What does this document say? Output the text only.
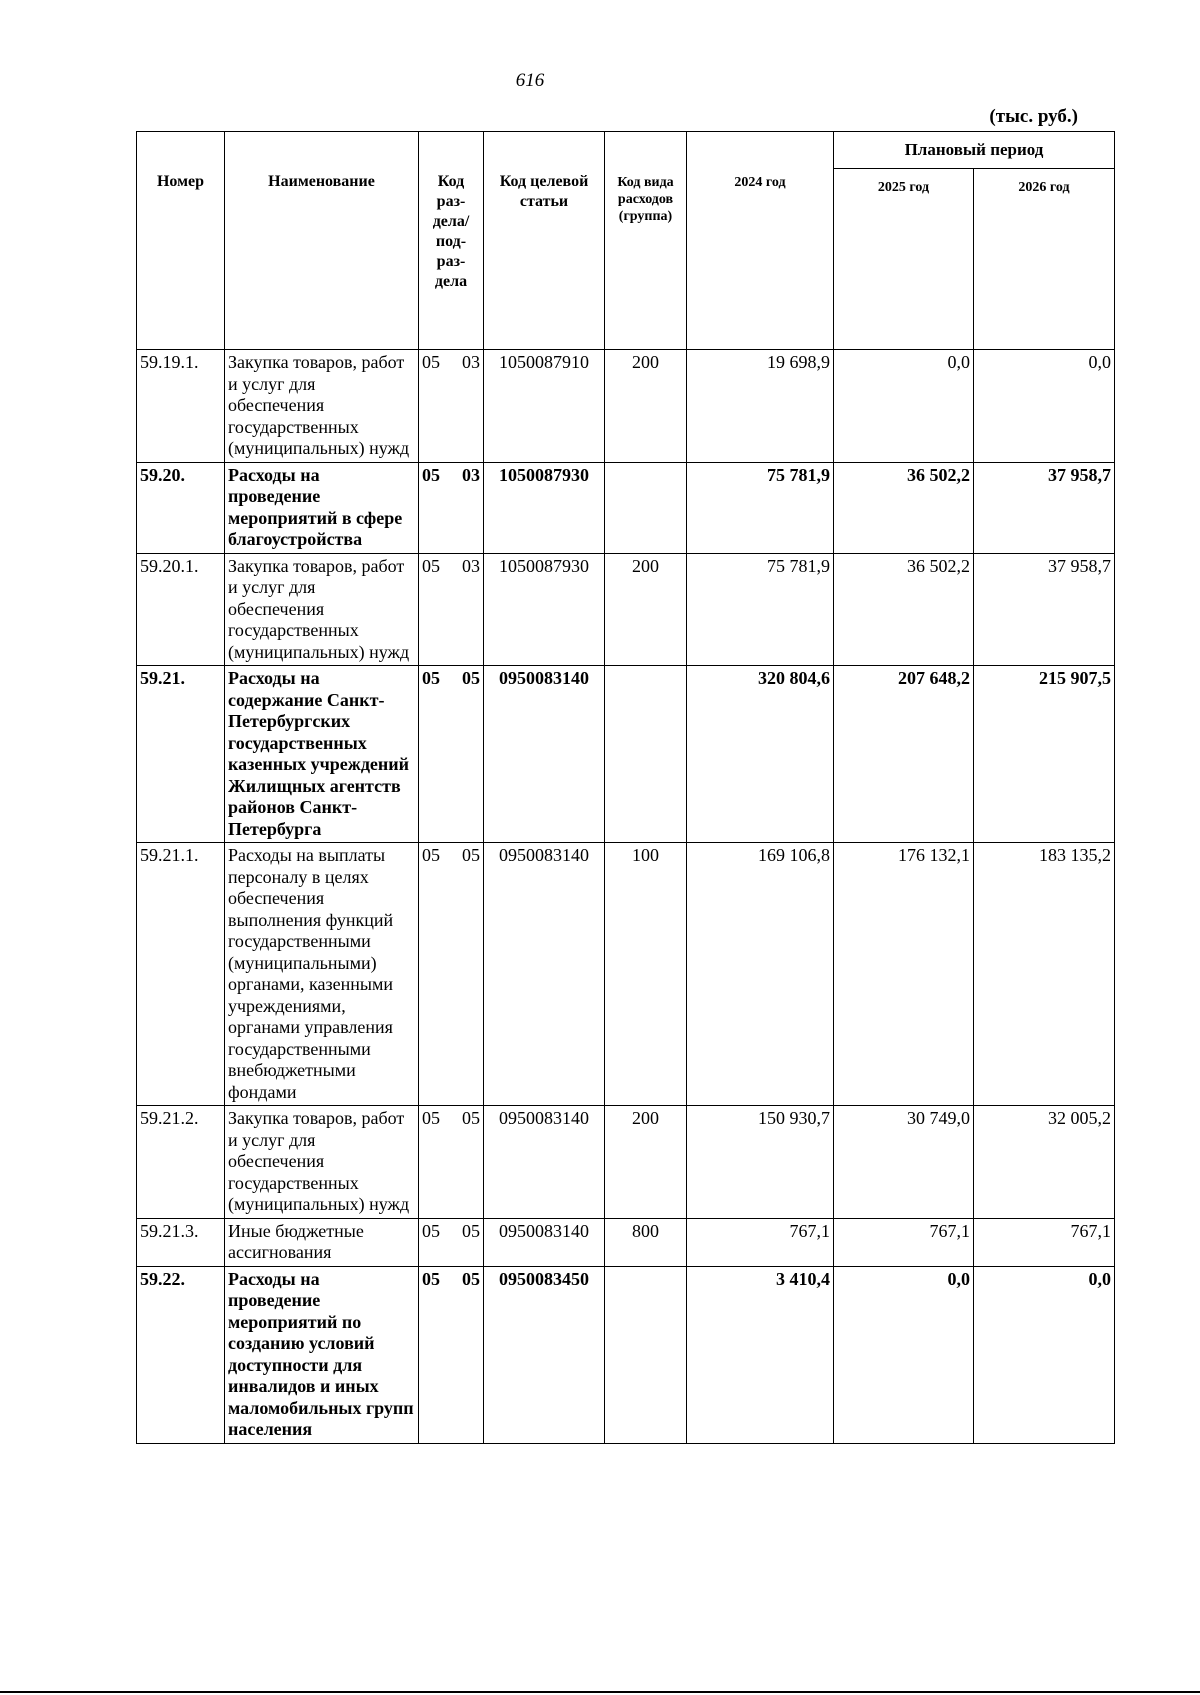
616
(тыс. руб.)
Номер	Наименование	Код раз-дела/ под-раз-дела	Код целевой статьи	Код вида расходов (группа)	2024 год	Плановый период	
						2025 год	2026 год
59.19.1.	Закупка товаров, работ и услуг для обеспечения государственных (муниципальных) нужд	05 03	1050087910	200	19 698,9	0,0	0,0
59.20.	Расходы на проведение мероприятий в сфере благоустройства	05 03	1050087930		75 781,9	36 502,2	37 958,7
59.20.1.	Закупка товаров, работ и услуг для обеспечения государственных (муниципальных) нужд	05 03	1050087930	200	75 781,9	36 502,2	37 958,7
59.21.	Расходы на содержание Санкт-Петербургских государственных казенных учреждений Жилищных агентств районов Санкт-Петербурга	05 05	0950083140		320 804,6	207 648,2	215 907,5
59.21.1.	Расходы на выплаты персоналу в целях обеспечения выполнения функций государственными (муниципальными) органами, казенными учреждениями, органами управления государственными внебюджетными фондами	05 05	0950083140	100	169 106,8	176 132,1	183 135,2
59.21.2.	Закупка товаров, работ и услуг для обеспечения государственных (муниципальных) нужд	05 05	0950083140	200	150 930,7	30 749,0	32 005,2
59.21.3.	Иные бюджетные ассигнования	05 05	0950083140	800	767,1	767,1	767,1
59.22.	Расходы на проведение мероприятий по созданию условий доступности для инвалидов и иных маломобильных групп населения	05 05	0950083450		3 410,4	0,0	0,0
